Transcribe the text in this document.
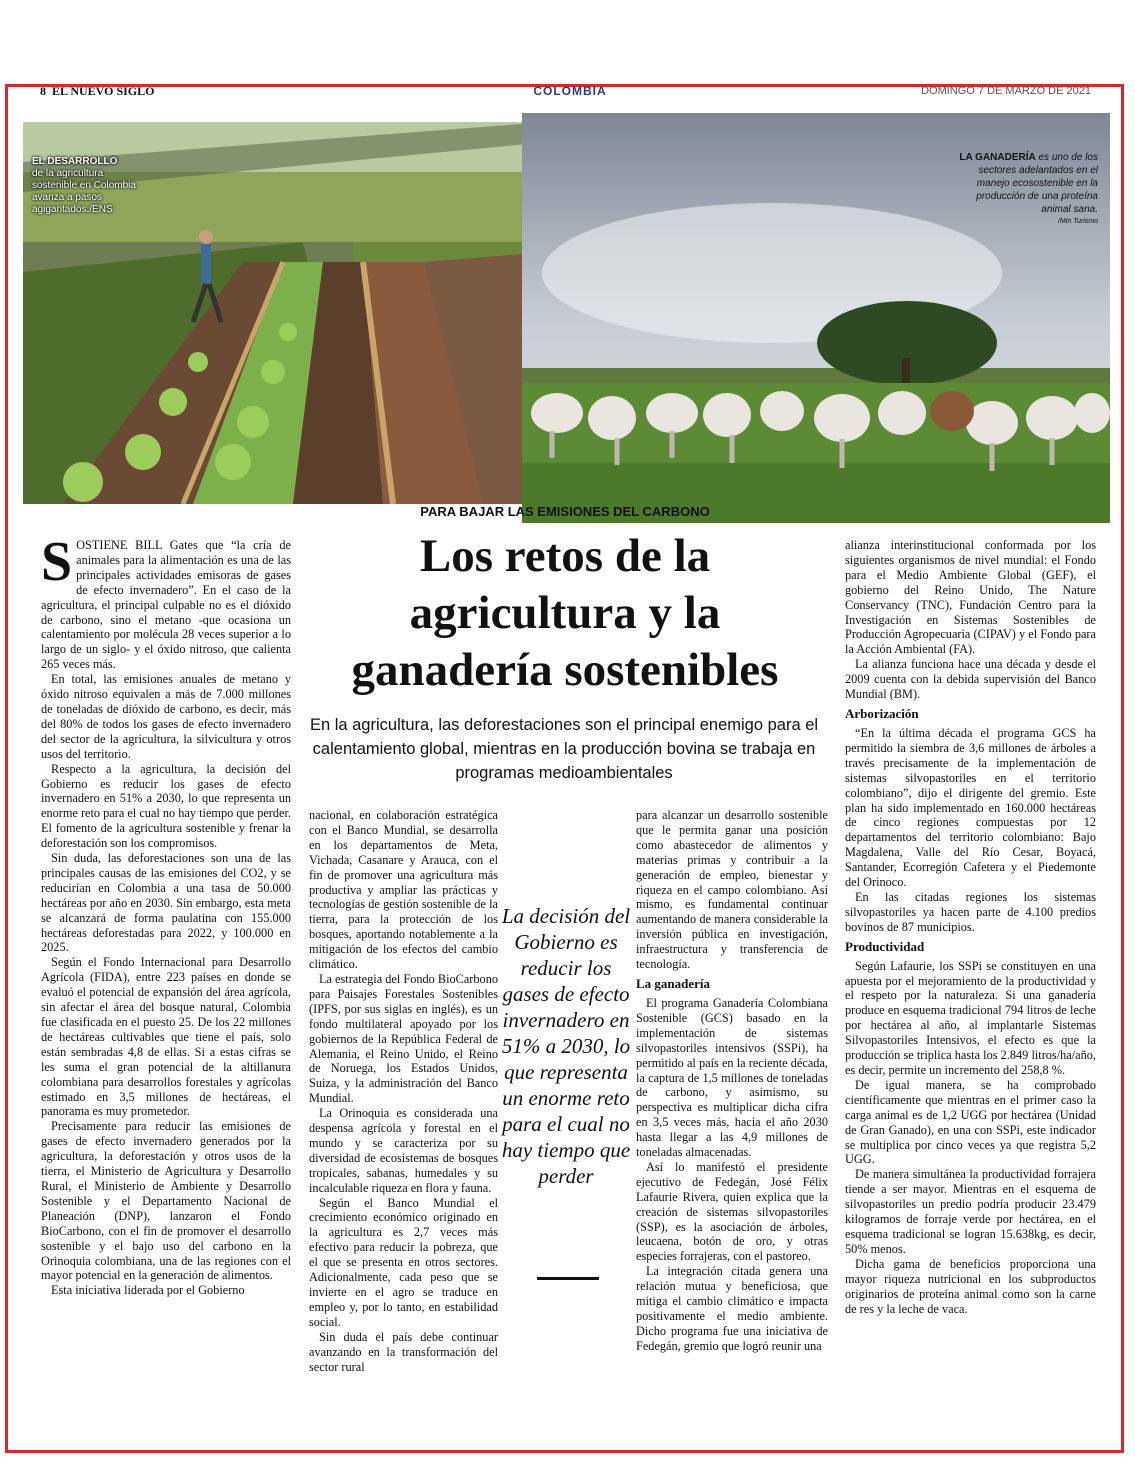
8 EL NUEVO SIGLO	COLOMBIA	DOMINGO 7 DE MARZO DE 2021
EL DESARROLLO
de la agricultura sostenible en Colombia avanza a pasos agigantados./ENS
LA GANADERÍA es uno de los sectores adelantados en el manejo ecosostenible en la producción de una proteína animal sana.
/Min Turismo
PARA BAJAR LAS EMISIONES DEL CARBONO
Los retos de la agricultura y la ganadería sostenibles

En la agricultura, las deforestaciones son el principal enemigo para el calentamiento global, mientras en la producción bovina se trabaja en programas medioambientales

SOSTIENE BILL Gates que “la cría de animales para la alimentación es una de las principales actividades emisoras de gases de efecto invernadero”. En el caso de la agricultura, el principal culpable no es el dióxido de carbono, sino el metano -que ocasiona un calentamiento por molécula 28 veces superior a lo largo de un siglo- y el óxido nitroso, que calienta 265 veces más.

En total, las emisiones anuales de metano y óxido nitroso equivalen a más de 7.000 millones de toneladas de dióxido de carbono, es decir, más del 80% de todos los gases de efecto invernadero del sector de la agricultura, la silvicultura y otros usos del territorio.

Respecto a la agricultura, la decisión del Gobierno es reducir los gases de efecto invernadero en 51% a 2030, lo que representa un enorme reto para el cual no hay tiempo que perder. El fomento de la agricultura sostenible y frenar la deforestación son los compromisos.

Sin duda, las deforestaciones son una de las principales causas de las emisiones del CO2, y se reducirían en Colombia a una tasa de 50.000 hectáreas por año en 2030. Sin embargo, esta meta se alcanzará de forma paulatina con 155.000 hectáreas deforestadas para 2022, y 100.000 en 2025.

Según el Fondo Internacional para Desarrollo Agrícola (FIDA), entre 223 países en donde se evaluó el potencial de expansión del área agrícola, sin afectar el área del bosque natural, Colombia fue clasificada en el puesto 25. De los 22 millones de hectáreas cultivables que tiene el país, solo están sembradas 4,8 de ellas. Si a estas cifras se les suma el gran potencial de la altillanura colombiana para desarrollos forestales y agrícolas estimado en 3,5 millones de hectáreas, el panorama es muy prometedor.

Precisamente para reducir las emisiones de gases de efecto invernadero generados por la agricultura, la deforestación y otros usos de la tierra, el Ministerio de Agricultura y Desarrollo Rural, el Ministerio de Ambiente y Desarrollo Sostenible y el Departamento Nacional de Planeación (DNP), lanzaron el Fondo BioCarbono, con el fin de promover el desarrollo sostenible y el bajo uso del carbono en la Orinoquia colombiana, una de las regiones con el mayor potencial en la generación de alimentos.

Esta iniciativa liderada por el Gobierno

nacional, en colaboración estratégica con el Banco Mundial, se desarrolla en los departamentos de Meta, Vichada, Casanare y Arauca, con el fin de promover una agricultura más productiva y ampliar las prácticas y tecnologías de gestión sostenible de la tierra, para la protección de los bosques, aportando notablemente a la mitigación de los efectos del cambio climático.

La estrategia del Fondo BioCarbono para Paisajes Forestales Sostenibles (IPFS, por sus siglas en inglés), es un fondo multilateral apoyado por los gobiernos de la República Federal de Alemania, el Reino Unido, el Reino de Noruega, los Estados Unidos, Suiza, y la administración del Banco Mundial.

La Orinoquia es considerada una despensa agrícola y forestal en el mundo y se caracteriza por su diversidad de ecosistemas de bosques tropicales, sabanas, humedales y su incalculable riqueza en flora y fauna.

Según el Banco Mundial el crecimiento económico originado en la agricultura es 2,7 veces más efectivo para reducir la pobreza, que el que se presenta en otros sectores. Adicionalmente, cada peso que se invierte en el agro se traduce en empleo y, por lo tanto, en estabilidad social.

Sin duda el país debe continuar avanzando en la transformación del sector rural

para alcanzar un desarrollo sostenible que le permita ganar una posición como abastecedor de alimentos y materias primas y contribuir a la generación de empleo, bienestar y riqueza en el campo colombiano. Así mismo, es fundamental continuar aumentando de manera considerable la inversión pública en investigación, infraestructura y transferencia de tecnología.

La ganadería

El programa Ganadería Colombiana Sostenible (GCS) basado en la implementación de sistemas silvopastoriles intensivos (SSPi), ha permitido al país en la reciente década, la captura de 1,5 millones de toneladas de carbono, y asimismo, su perspectiva es multiplicar dicha cifra en 3,5 veces más, hacia el año 2030 hasta llegar a las 4,9 millones de toneladas almacenadas.

Así lo manifestó el presidente ejecutivo de Fedegán, José Félix Lafaurie Rivera, quien explica que la creación de sistemas silvopastoriles (SSP), es la asociación de árboles, leucaena, botón de oro, y otras especies forrajeras, con el pastoreo.

La integración citada genera una relación mutua y beneficiosa, que mitiga el cambio climático e impacta positivamente el medio ambiente. Dicho programa fue una iniciativa de Fedegán, gremio que logró reunir una

La decisión del Gobierno es reducir los gases de efecto invernadero en 51% a 2030, lo que representa un enorme reto para el cual no hay tiempo que perder

alianza interinstitucional conformada por los siguientes organismos de nivel mundial: el Fondo para el Medio Ambiente Global (GEF), el gobierno del Reino Unido, The Nature Conservancy (TNC), Fundación Centro para la Investigación en Sistemas Sostenibles de Producción Agropecuaria (CIPAV) y el Fondo para la Acción Ambiental (FA).

La alianza funciona hace una década y desde el 2009 cuenta con la debida supervisión del Banco Mundial (BM).

Arborización

“En la última década el programa GCS ha permitido la siembra de 3,6 millones de árboles a través precisamente de la implementación de sistemas silvopastoriles en el territorio colombiano”, dijo el dirigente del gremio. Este plan ha sido implementado en 160.000 hectáreas de cinco regiones compuestas por 12 departamentos del territorio colombiano: Bajo Magdalena, Valle del Río Cesar, Boyacá, Santander, Ecorregión Cafetera y el Piedemonte del Orinoco.

En las citadas regiones los sistemas silvopastoriles ya hacen parte de 4.100 predios bovinos de 87 municipios.

Productividad

Según Lafaurie, los SSPi se constituyen en una apuesta por el mejoramiento de la productividad y el respeto por la naturaleza. Si una ganadería produce en esquema tradicional 794 litros de leche por hectárea al año, al implantarle Sistemas Silvopastoriles Intensivos, el efecto es que la producción se triplica hasta los 2.849 litros/ha/año, es decir, permite un incremento del 258,8 %.

De igual manera, se ha comprobado científicamente que mientras en el primer caso la carga animal es de 1,2 UGG por hectárea (Unidad de Gran Ganado), en una con SSPi, este indicador se multiplica por cinco veces ya que registra 5,2 UGG.

De manera simultánea la productividad forrajera tiende a ser mayor. Mientras en el esquema de silvopastoriles un predio podría producir 23.479 kilogramos de forraje verde por hectárea, en el esquema tradicional se logran 15.638kg, es decir, 50% menos.

Dicha gama de beneficios proporciona una mayor riqueza nutricional en los subproductos originarios de proteína animal como son la carne de res y la leche de vaca.
